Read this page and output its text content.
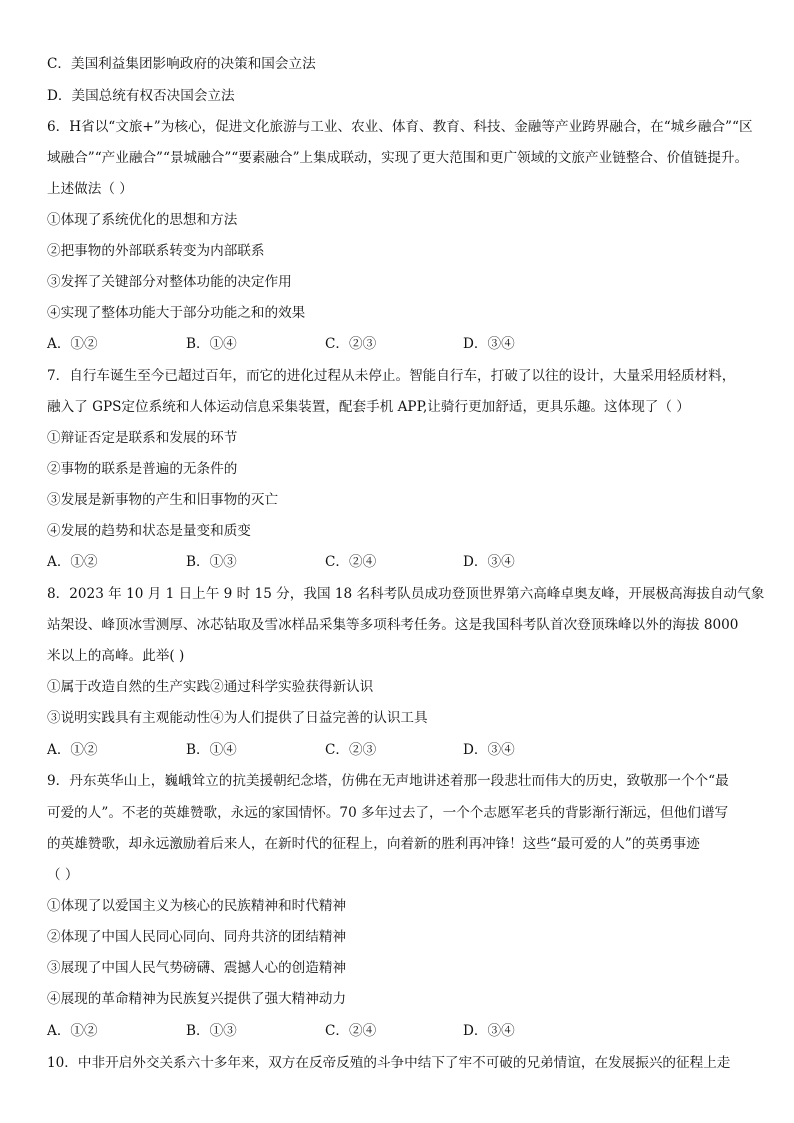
C．美国利益集团影响政府的决策和国会立法
D．美国总统有权否决国会立法
6．H省以“文旅+”为核心，促进文化旅游与工业、农业、体育、教育、科技、金融等产业跨界融合，在“城乡融合”“区
域融合”“产业融合”“景城融合”“要素融合”上集成联动，实现了更大范围和更广领域的文旅产业链整合、价值链提升。
上述做法（ ）
①体现了系统优化的思想和方法
②把事物的外部联系转变为内部联系
③发挥了关键部分对整体功能的决定作用
④实现了整体功能大于部分功能之和的效果
A．①②	B．①④	C．②③	D．③④
7．自行车诞生至今已超过百年，而它的进化过程从未停止。智能自行车，打破了以往的设计，大量采用轻质材料，
融入了 GPS定位系统和人体运动信息采集装置，配套手机 APP,让骑行更加舒适，更具乐趣。这体现了（ ）
①辩证否定是联系和发展的环节
②事物的联系是普遍的无条件的
③发展是新事物的产生和旧事物的灭亡
④发展的趋势和状态是量变和质变
A．①②	B．①③	C．②④	D．③④
8．2023 年 10 月 1 日上午 9 时 15 分，我国 18 名科考队员成功登顶世界第六高峰卓奥友峰，开展极高海拔自动气象
站架设、峰顶冰雪测厚、冰芯钻取及雪冰样品采集等多项科考任务。这是我国科考队首次登顶珠峰以外的海拔 8000
米以上的高峰。此举( )
①属于改造自然的生产实践②通过科学实验获得新认识
③说明实践具有主观能动性④为人们提供了日益完善的认识工具
A．①②	B．①④	C．②③	D．③④
9．丹东英华山上，巍峨耸立的抗美援朝纪念塔，仿佛在无声地讲述着那一段悲壮而伟大的历史，致敬那一个个“最
可爱的人”。不老的英雄赞歌，永远的家国情怀。70 多年过去了，一个个志愿军老兵的背影渐行渐远，但他们谱写
的英雄赞歌，却永远激励着后来人，在新时代的征程上，向着新的胜利再冲锋！这些“最可爱的人”的英勇事迹
（ ）
①体现了以爱国主义为核心的民族精神和时代精神
②体现了中国人民同心同向、同舟共济的团结精神
③展现了中国人民气势磅礴、震撼人心的创造精神
④展现的革命精神为民族复兴提供了强大精神动力
A．①②	B．①③	C．②④	D．③④
10．中非开启外交关系六十多年来，双方在反帝反殖的斗争中结下了牢不可破的兄弟情谊，在发展振兴的征程上走
